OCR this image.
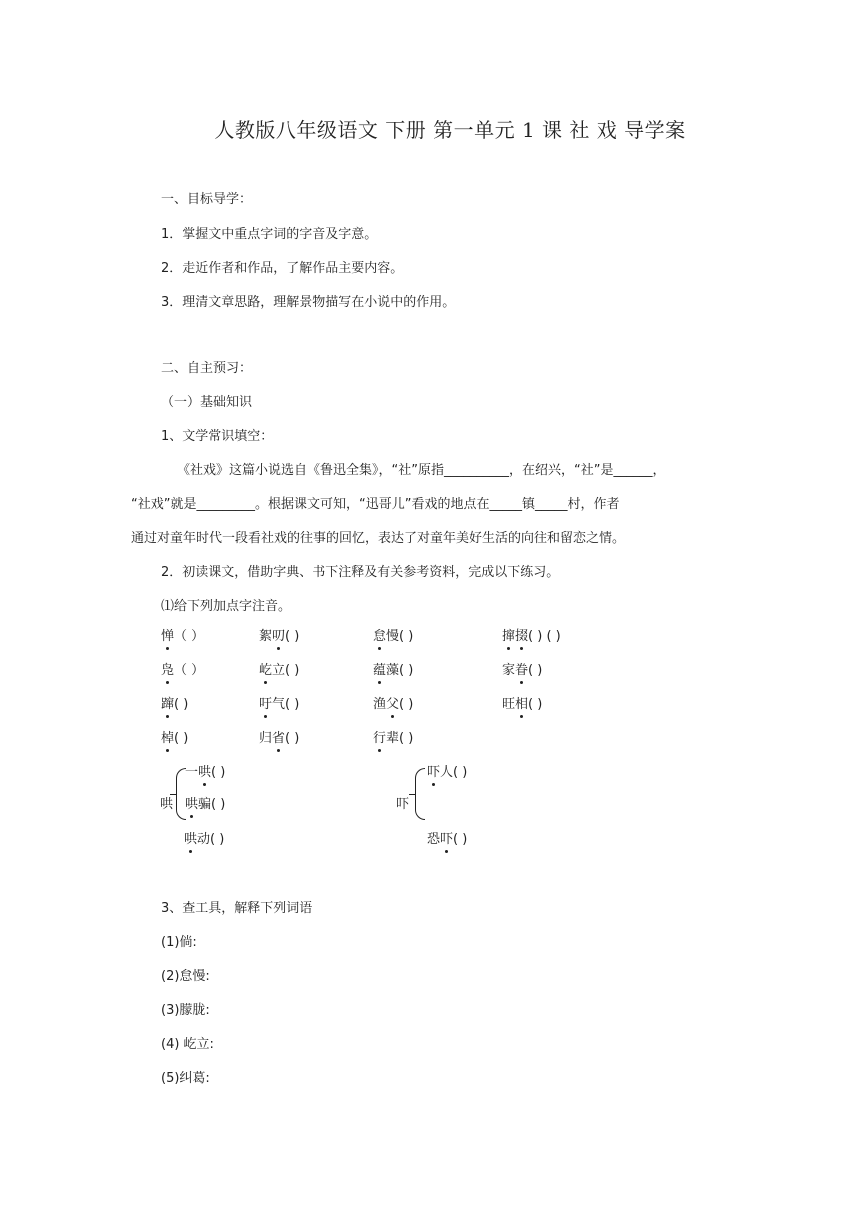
人教版八年级语文 下册 第一单元 1 课 社 戏 导学案
一、目标导学：
1．掌握文中重点字词的字音及字意。
2．走近作者和作品，了解作品主要内容。
3．理清文章思路，理解景物描写在小说中的作用。
二、自主预习：
（一）基础知识
1、文学常识填空：
《社戏》这篇小说选自《鲁迅全集》，“社”原指__________，在绍兴，“社”是______，
“社戏”就是_________。根据课文可知，“迅哥儿”看戏的地点在_____镇_____村，作者
通过对童年时代一段看社戏的往事的回忆，表达了对童年美好生活的向往和留恋之情。
2．初读课文，借助字典、书下注释及有关参考资料，完成以下练习。
⑴给下列加点字注音。
惮（ ）	絮叨( )	怠慢( )	撺掇( ) ( )
凫（ ）	屹立( )	蕴藻( )	家眷( )
蹿( )	吁气( )	渔父( )	旺相( )
棹( )	归省( )	行辈( )
哄
一哄( )
哄骗( )
哄动( )
吓
吓人( )
恐吓( )
3、查工具，解释下列词语
(1)倘:
(2)怠慢:
(3)朦胧:
(4) 屹立:
(5)纠葛:
